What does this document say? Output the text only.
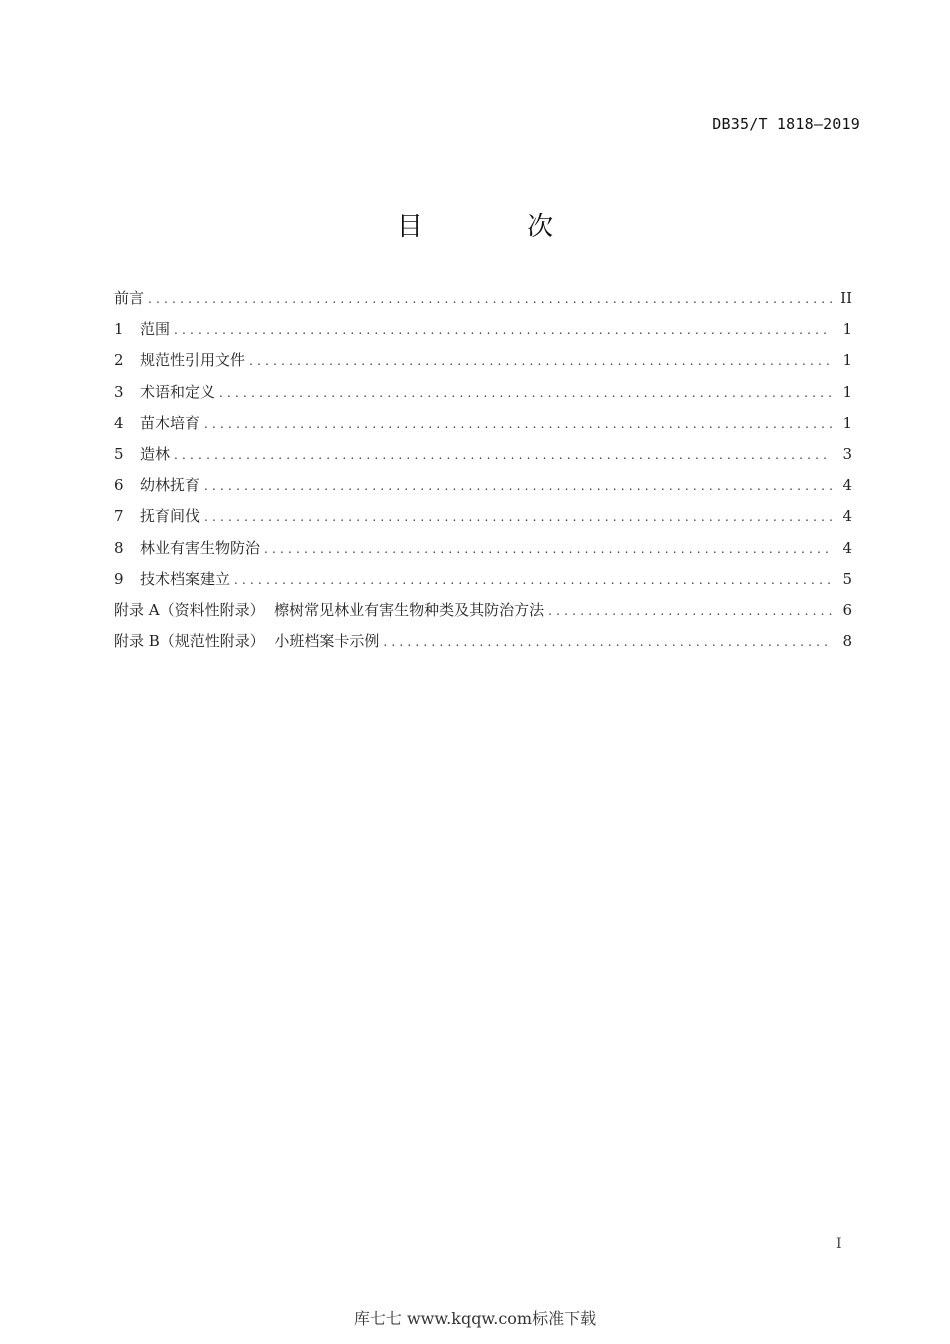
DB35/T 1818—2019
目 次
前言 .....	II
1	范围 .....	1
2	规范性引用文件 .....	1
3	术语和定义 .....	1
4	苗木培育 .....	1
5	造林 .....	3
6	幼林抚育 .....	4
7	抚育间伐 .....	4
8	林业有害生物防治 .....	4
9	技术档案建立 .....	5
附录 A（资料性附录）  檫树常见林业有害生物种类及其防治方法 .....	6
附录 B（规范性附录）  小班档案卡示例 .....	8
I
库七七 www.kqqw.com标准下载
